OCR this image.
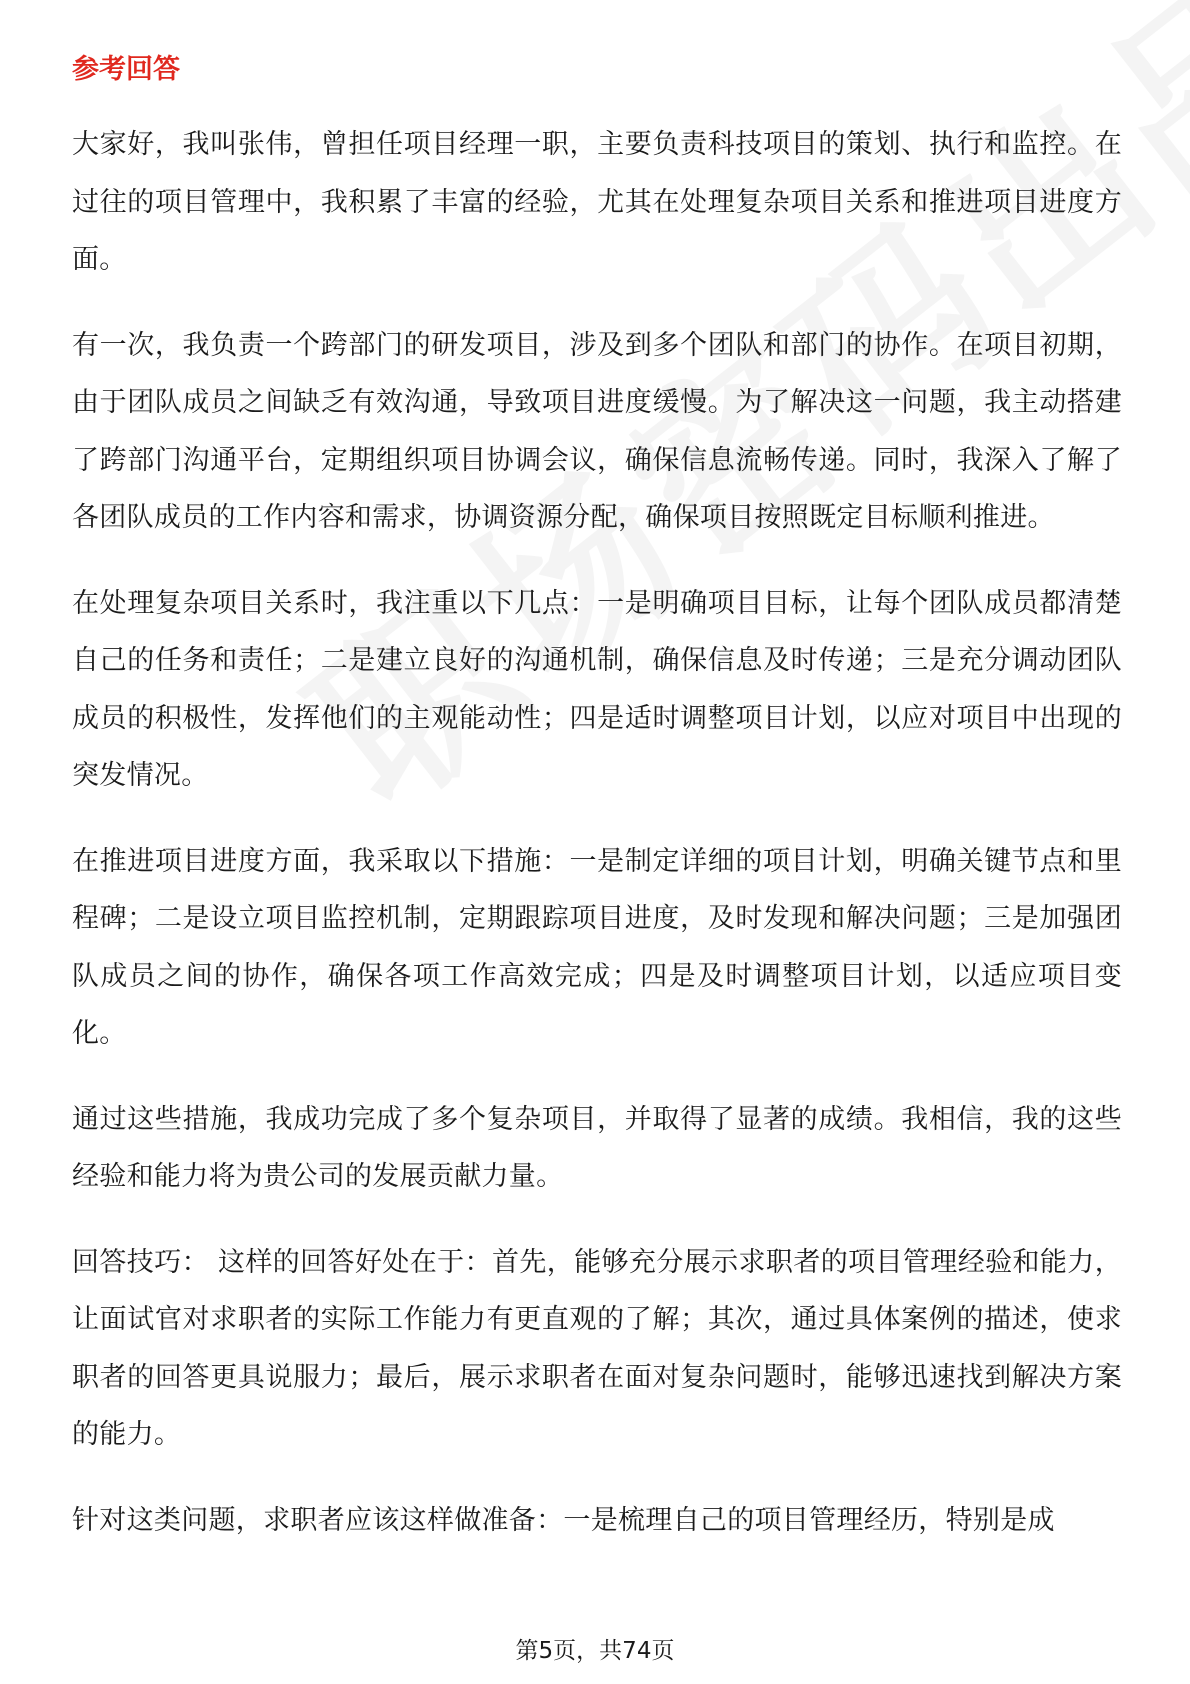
参考回答

大家好，我叫张伟，曾担任项目经理一职，主要负责科技项目的策划、执行和监控。在过往的项目管理中，我积累了丰富的经验，尤其在处理复杂项目关系和推进项目进度方面。

有一次，我负责一个跨部门的研发项目，涉及到多个团队和部门的协作。在项目初期，由于团队成员之间缺乏有效沟通，导致项目进度缓慢。为了解决这一问题，我主动搭建了跨部门沟通平台，定期组织项目协调会议，确保信息流畅传递。同时，我深入了解了各团队成员的工作内容和需求，协调资源分配，确保项目按照既定目标顺利推进。

在处理复杂项目关系时，我注重以下几点：一是明确项目目标，让每个团队成员都清楚自己的任务和责任；二是建立良好的沟通机制，确保信息及时传递；三是充分调动团队成员的积极性，发挥他们的主观能动性；四是适时调整项目计划，以应对项目中出现的突发情况。

在推进项目进度方面，我采取以下措施：一是制定详细的项目计划，明确关键节点和里程碑；二是设立项目监控机制，定期跟踪项目进度，及时发现和解决问题；三是加强团队成员之间的协作，确保各项工作高效完成；四是及时调整项目计划，以适应项目变化。

通过这些措施，我成功完成了多个复杂项目，并取得了显著的成绩。我相信，我的这些经验和能力将为贵公司的发展贡献力量。

回答技巧： 这样的回答好处在于：首先，能够充分展示求职者的项目管理经验和能力，让面试官对求职者的实际工作能力有更直观的了解；其次，通过具体案例的描述，使求职者的回答更具说服力；最后，展示求职者在面对复杂问题时，能够迅速找到解决方案的能力。

针对这类问题，求职者应该这样做准备：一是梳理自己的项目管理经历，特别是成

第5页，共74页
